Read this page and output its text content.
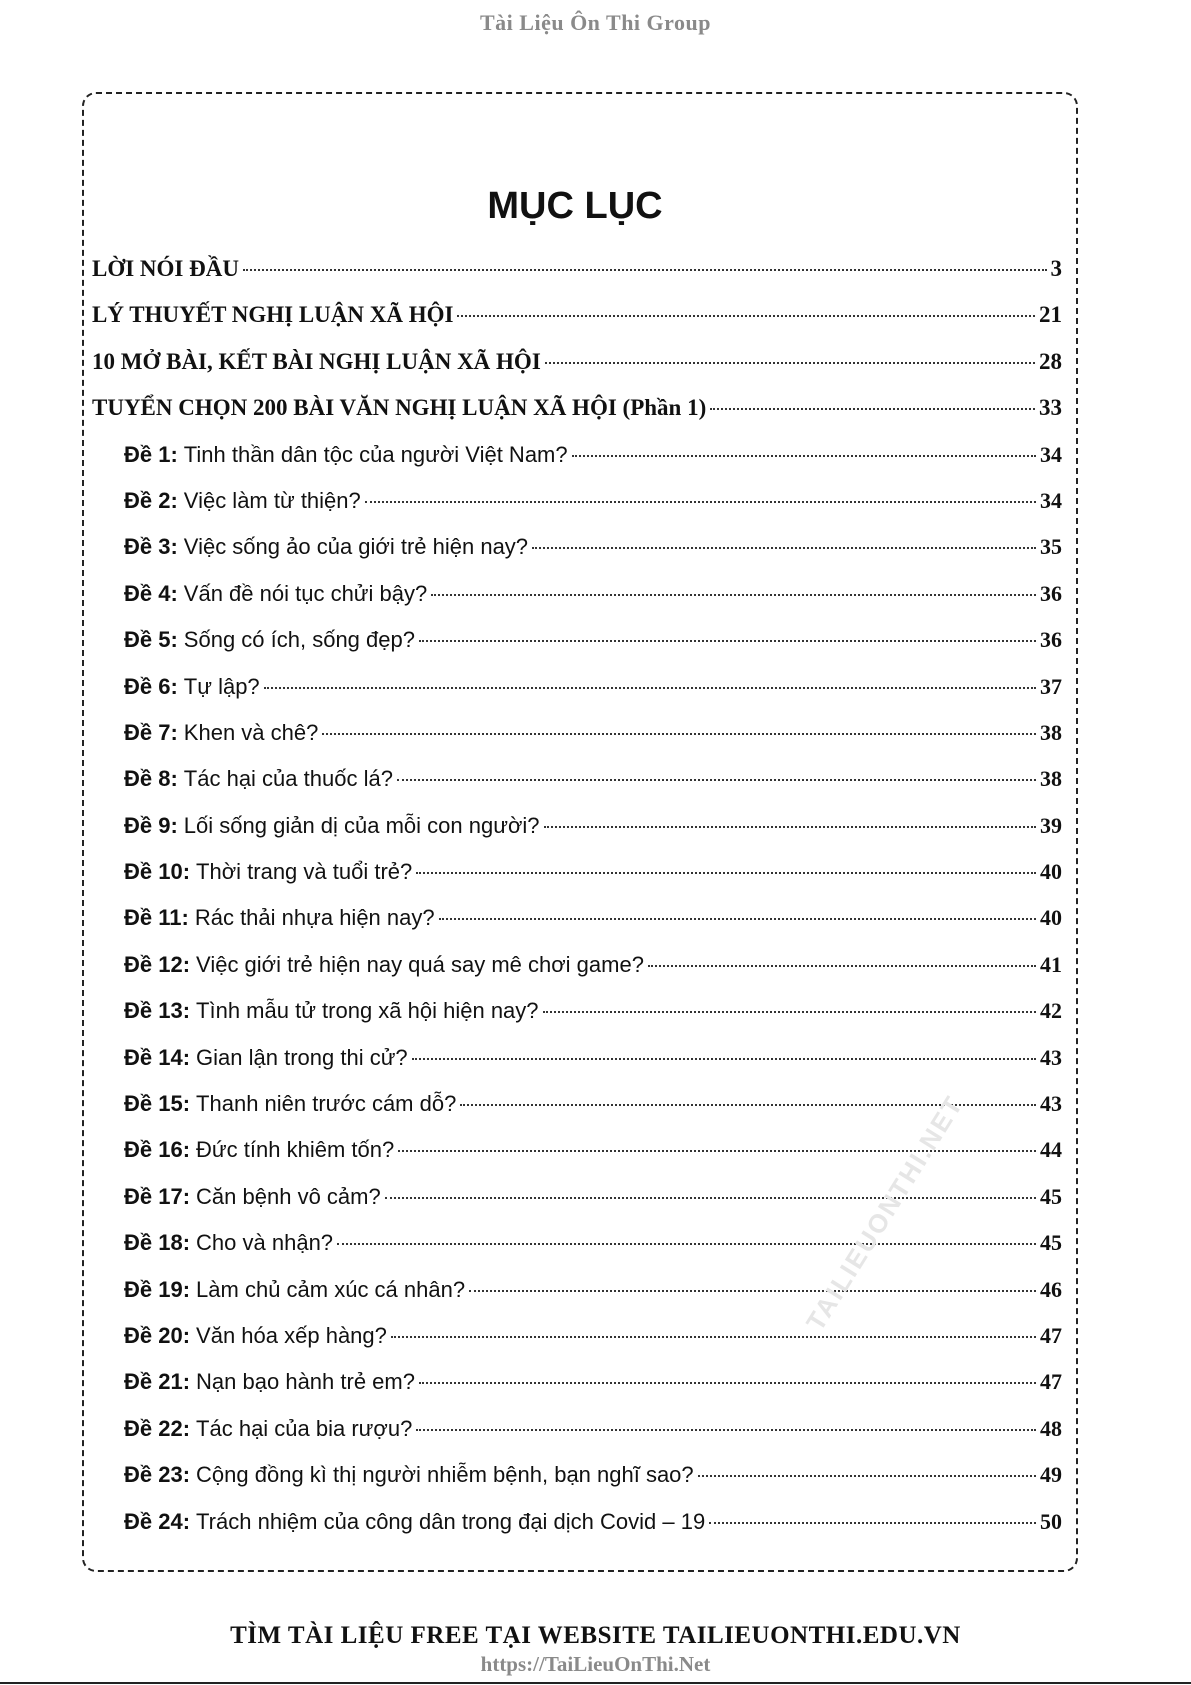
Tài Liệu Ôn Thi Group
MỤC LỤC
LỜI NÓI ĐẦU	3
LÝ THUYẾT NGHỊ LUẬN XÃ HỘI	21
10 MỞ BÀI, KẾT BÀI NGHỊ LUẬN XÃ HỘI	28
TUYỂN CHỌN 200 BÀI VĂN NGHỊ LUẬN XÃ HỘI (Phần 1)	33
Đề 1: Tinh thần dân tộc của người Việt Nam?	34
Đề 2: Việc làm từ thiện?	34
Đề 3: Việc sống ảo của giới trẻ hiện nay?	35
Đề 4: Vấn đề nói tục chửi bậy?	36
Đề 5: Sống có ích, sống đẹp?	36
Đề 6: Tự lập?	37
Đề 7: Khen và chê?	38
Đề 8: Tác hại của thuốc lá?	38
Đề 9: Lối sống giản dị của mỗi con người?	39
Đề 10: Thời trang và tuổi trẻ?	40
Đề 11: Rác thải nhựa hiện nay?	40
Đề 12: Việc giới trẻ hiện nay quá say mê chơi game?	41
Đề 13: Tình mẫu tử trong xã hội hiện nay?	42
Đề 14: Gian lận trong thi cử?	43
Đề 15: Thanh niên trước cám dỗ?	43
Đề 16: Đức tính khiêm tốn?	44
Đề 17: Căn bệnh vô cảm?	45
Đề 18: Cho và nhận?	45
Đề 19: Làm chủ cảm xúc cá nhân?	46
Đề 20: Văn hóa xếp hàng?	47
Đề 21: Nạn bạo hành trẻ em?	47
Đề 22: Tác hại của bia rượu?	48
Đề 23: Cộng đồng kì thị người nhiễm bệnh, bạn nghĩ sao?	49
Đề 24: Trách nhiệm của công dân trong đại dịch Covid – 19	50
TAILIEUONTHI.NET
TÌM TÀI LIỆU FREE TẠI WEBSITE TAILIEUONTHI.EDU.VN
https://TaiLieuOnThi.Net
